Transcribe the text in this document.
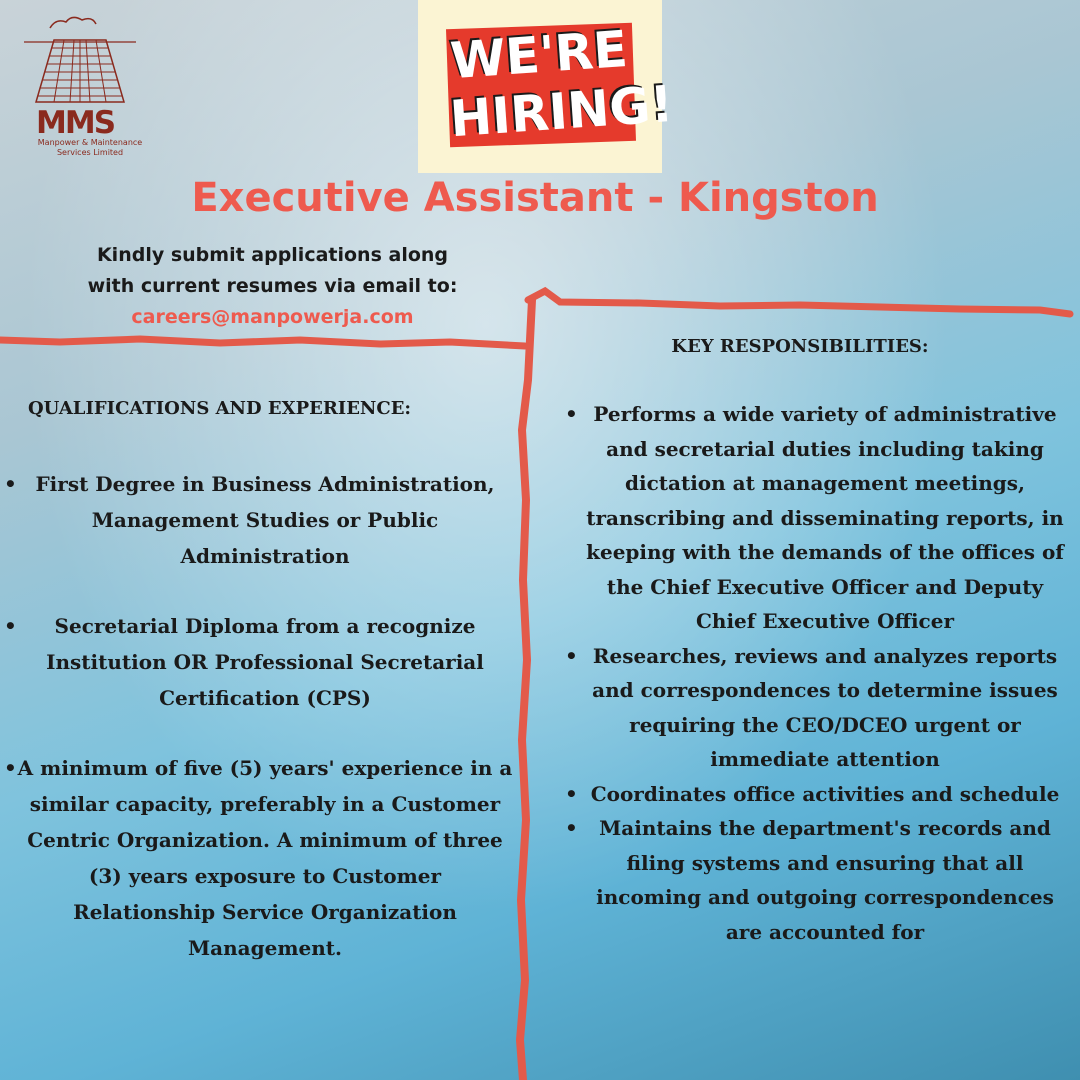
MMS
Manpower & Maintenance
Services Limited
WE'RE
HIRING!
Executive Assistant - Kingston
Kindly submit applications along
with current resumes via email to:
careers@manpowerja.com
QUALIFICATIONS AND EXPERIENCE:
• First Degree in Business Administration, Management Studies or Public Administration
• Secretarial Diploma from a recognize Institution OR Professional Secretarial Certification (CPS)
• A minimum of five (5) years' experience in a similar capacity, preferably in a Customer Centric Organization. A minimum of three (3) years exposure to Customer Relationship Service Organization Management.
KEY RESPONSIBILITIES:
• Performs a wide variety of administrative and secretarial duties including taking dictation at management meetings, transcribing and disseminating reports, in keeping with the demands of the offices of the Chief Executive Officer and Deputy Chief Executive Officer
• Researches, reviews and analyzes reports and correspondences to determine issues requiring the CEO/DCEO urgent or immediate attention
• Coordinates office activities and schedule
• Maintains the department's records and filing systems and ensuring that all incoming and outgoing correspondences are accounted for
